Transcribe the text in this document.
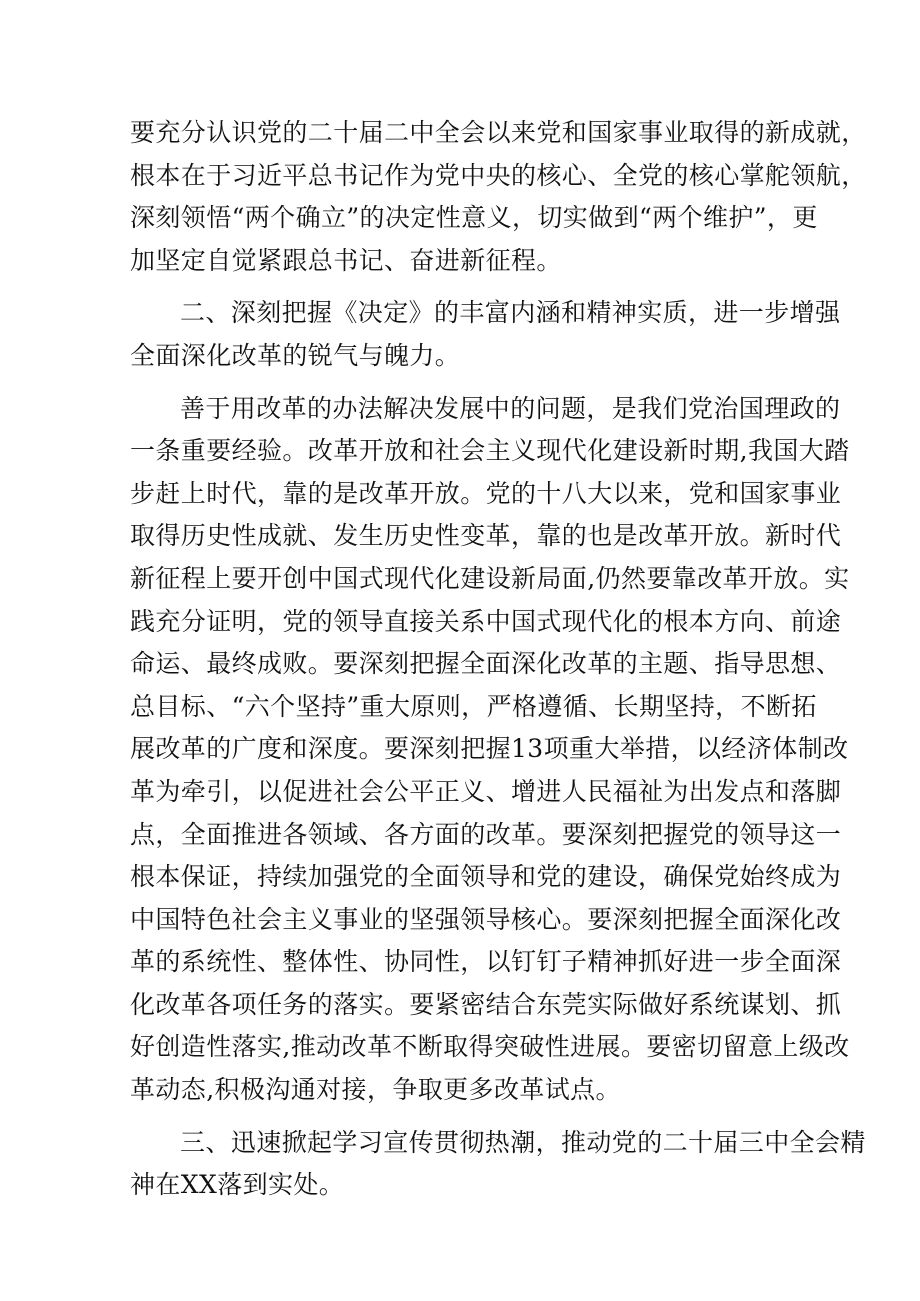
要充分认识党的二十届二中全会以来党和国家事业取得的新成就，
根本在于习近平总书记作为党中央的核心、全党的核心掌舵领航，
深刻领悟“两个确立”的决定性意义，切实做到“两个维护”，更
加坚定自觉紧跟总书记、奋进新征程。
二、深刻把握《决定》的丰富内涵和精神实质，进一步增强
全面深化改革的锐气与魄力。
善于用改革的办法解决发展中的问题，是我们党治国理政的
一条重要经验。改革开放和社会主义现代化建设新时期,我国大踏
步赶上时代，靠的是改革开放。党的十八大以来，党和国家事业
取得历史性成就、发生历史性变革，靠的也是改革开放。新时代
新征程上要开创中国式现代化建设新局面,仍然要靠改革开放。实
践充分证明，党的领导直接关系中国式现代化的根本方向、前途
命运、最终成败。要深刻把握全面深化改革的主题、指导思想、
总目标、“六个坚持”重大原则，严格遵循、长期坚持，不断拓
展改革的广度和深度。要深刻把握13项重大举措，以经济体制改
革为牵引，以促进社会公平正义、增进人民福祉为出发点和落脚
点，全面推进各领域、各方面的改革。要深刻把握党的领导这一
根本保证，持续加强党的全面领导和党的建设，确保党始终成为
中国特色社会主义事业的坚强领导核心。要深刻把握全面深化改
革的系统性、整体性、协同性，以钉钉子精神抓好进一步全面深
化改革各项任务的落实。要紧密结合东莞实际做好系统谋划、抓
好创造性落实,推动改革不断取得突破性进展。要密切留意上级改
革动态,积极沟通对接，争取更多改革试点。
三、迅速掀起学习宣传贯彻热潮，推动党的二十届三中全会精
神在XX落到实处。
